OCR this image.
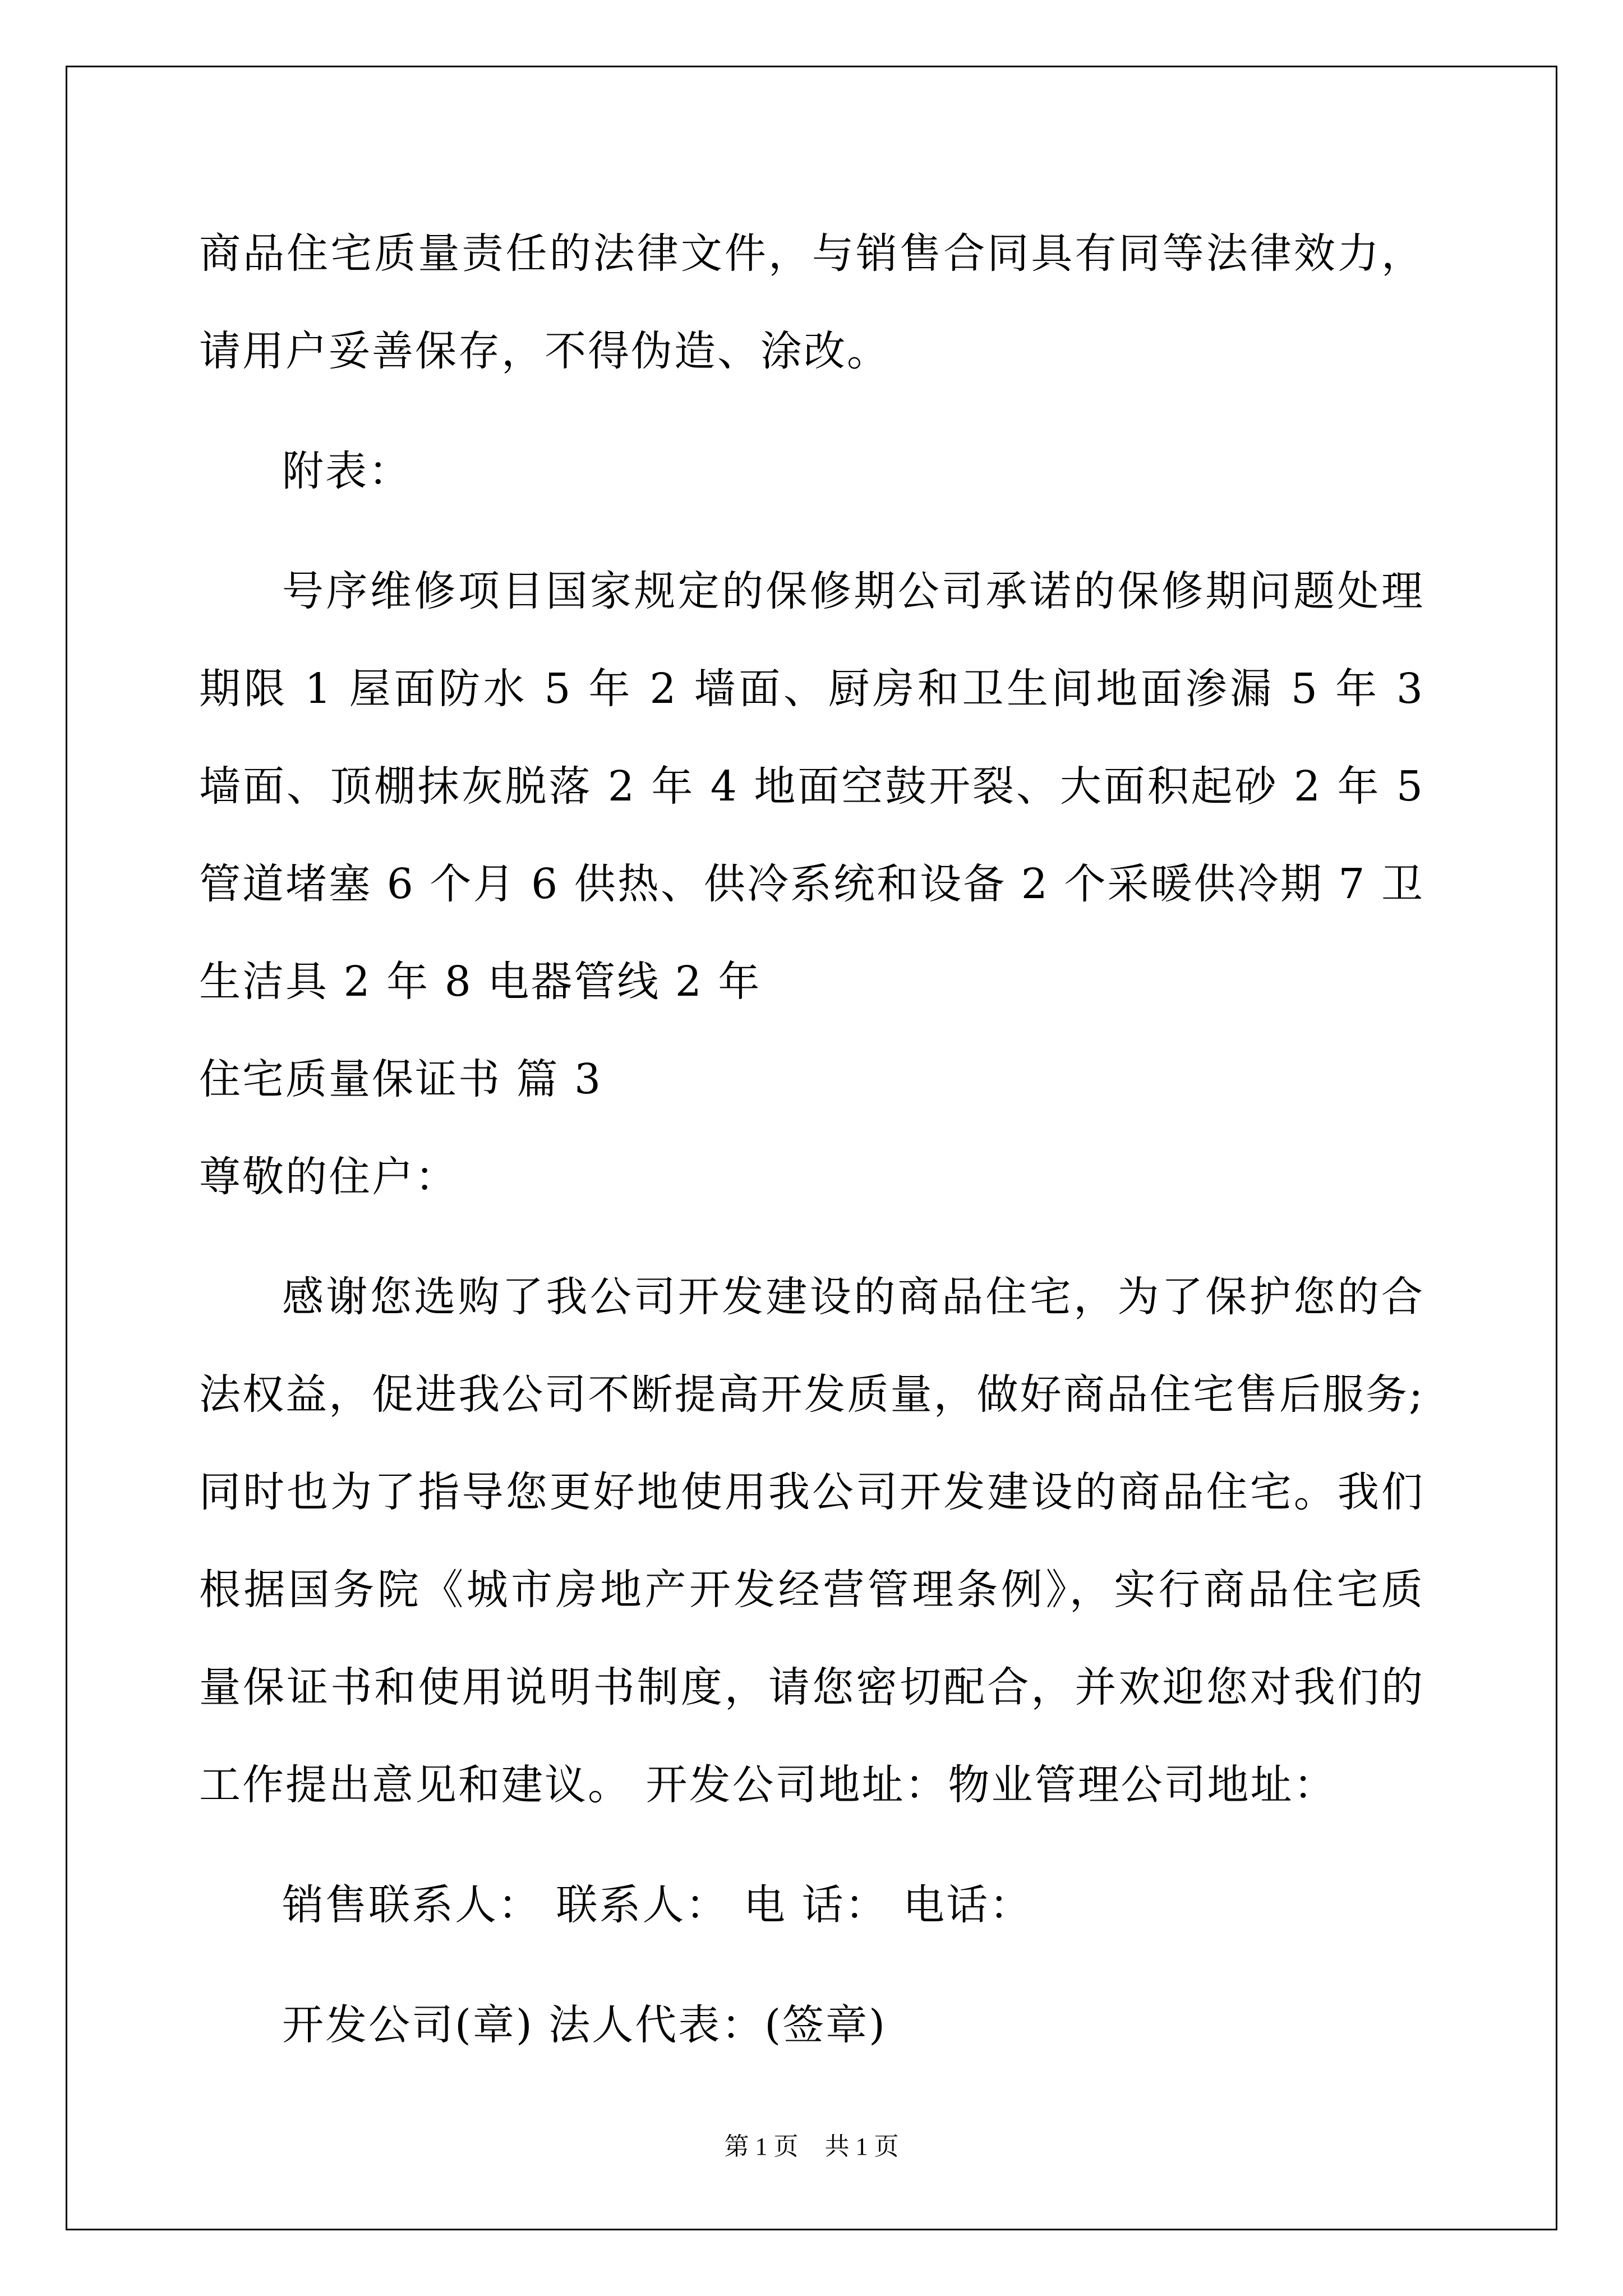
商品住宅质量责任的法律文件，与销售合同具有同等法律效力，请用户妥善保存，不得伪造、涂改。

附表：

号序维修项目国家规定的保修期公司承诺的保修期问题处理期限 1 屋面防水 5 年 2 墙面、厨房和卫生间地面渗漏 5 年 3 墙面、顶棚抹灰脱落 2 年 4 地面空鼓开裂、大面积起砂 2 年 5 管道堵塞 6 个月 6 供热、供冷系统和设备 2 个采暖供冷期 7 卫生洁具 2 年 8 电器管线 2 年

住宅质量保证书 篇 3

尊敬的住户：

感谢您选购了我公司开发建设的商品住宅，为了保护您的合法权益，促进我公司不断提高开发质量，做好商品住宅售后服务;同时也为了指导您更好地使用我公司开发建设的商品住宅。我们根据国务院《城市房地产开发经营管理条例》，实行商品住宅质量保证书和使用说明书制度，请您密切配合，并欢迎您对我们的工作提出意见和建议。 开发公司地址：物业管理公司地址：

销售联系人： 联系人： 电 话： 电话：

开发公司(章) 法人代表：(签章)

第 1 页 共 1 页
